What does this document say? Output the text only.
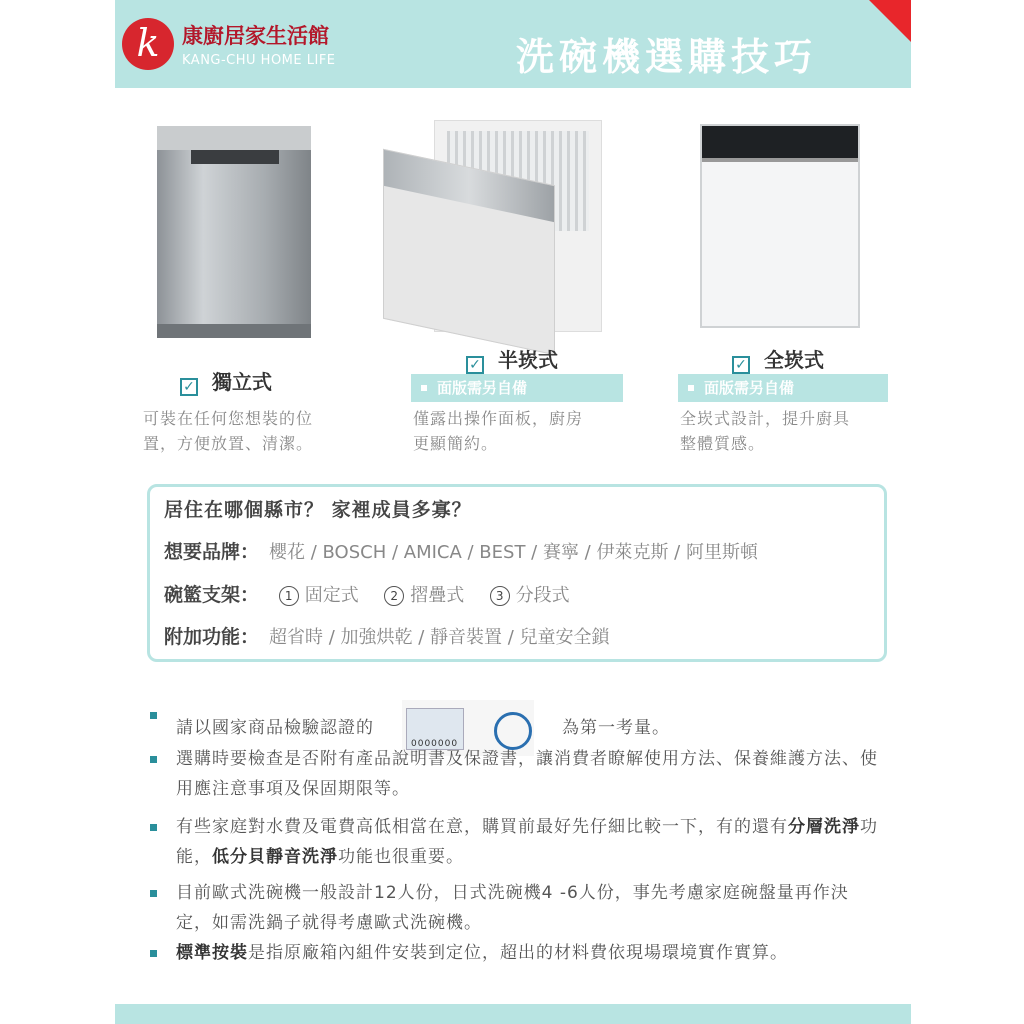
k	康廚居家生活館
KANG-CHU HOME LIFE	洗碗機選購技巧
✓ 獨立式
可裝在任何您想裝的位
置，方便放置、清潔。
✓ 半崁式
面版需另自備
僅露出操作面板，廚房
更顯簡約。
✓ 全崁式
面版需另自備
全崁式設計，提升廚具
整體質感。
居住在哪個縣市？ 家裡成員多寡？
想要品牌： 櫻花 / BOSCH / AMICA / BEST / 賽寧 / 伊萊克斯 / 阿里斯頓
碗籃支架： 1 固定式	2 摺疊式	3 分段式
附加功能： 超省時 / 加強烘乾 / 靜音裝置 / 兒童安全鎖
請以國家商品檢驗認證的
0000000
為第一考量。
選購時要檢查是否附有產品說明書及保證書，讓消費者瞭解使用方法、保養維護方法、使用應注意事項及保固期限等。
有些家庭對水費及電費高低相當在意，購買前最好先仔細比較一下，有的還有分層洗淨功能，低分貝靜音洗淨功能也很重要。
目前歐式洗碗機一般設計12人份，日式洗碗機4 -6人份，事先考慮家庭碗盤量再作決定，如需洗鍋子就得考慮歐式洗碗機。
標準按裝是指原廠箱內組件安裝到定位，超出的材料費依現場環境實作實算。
